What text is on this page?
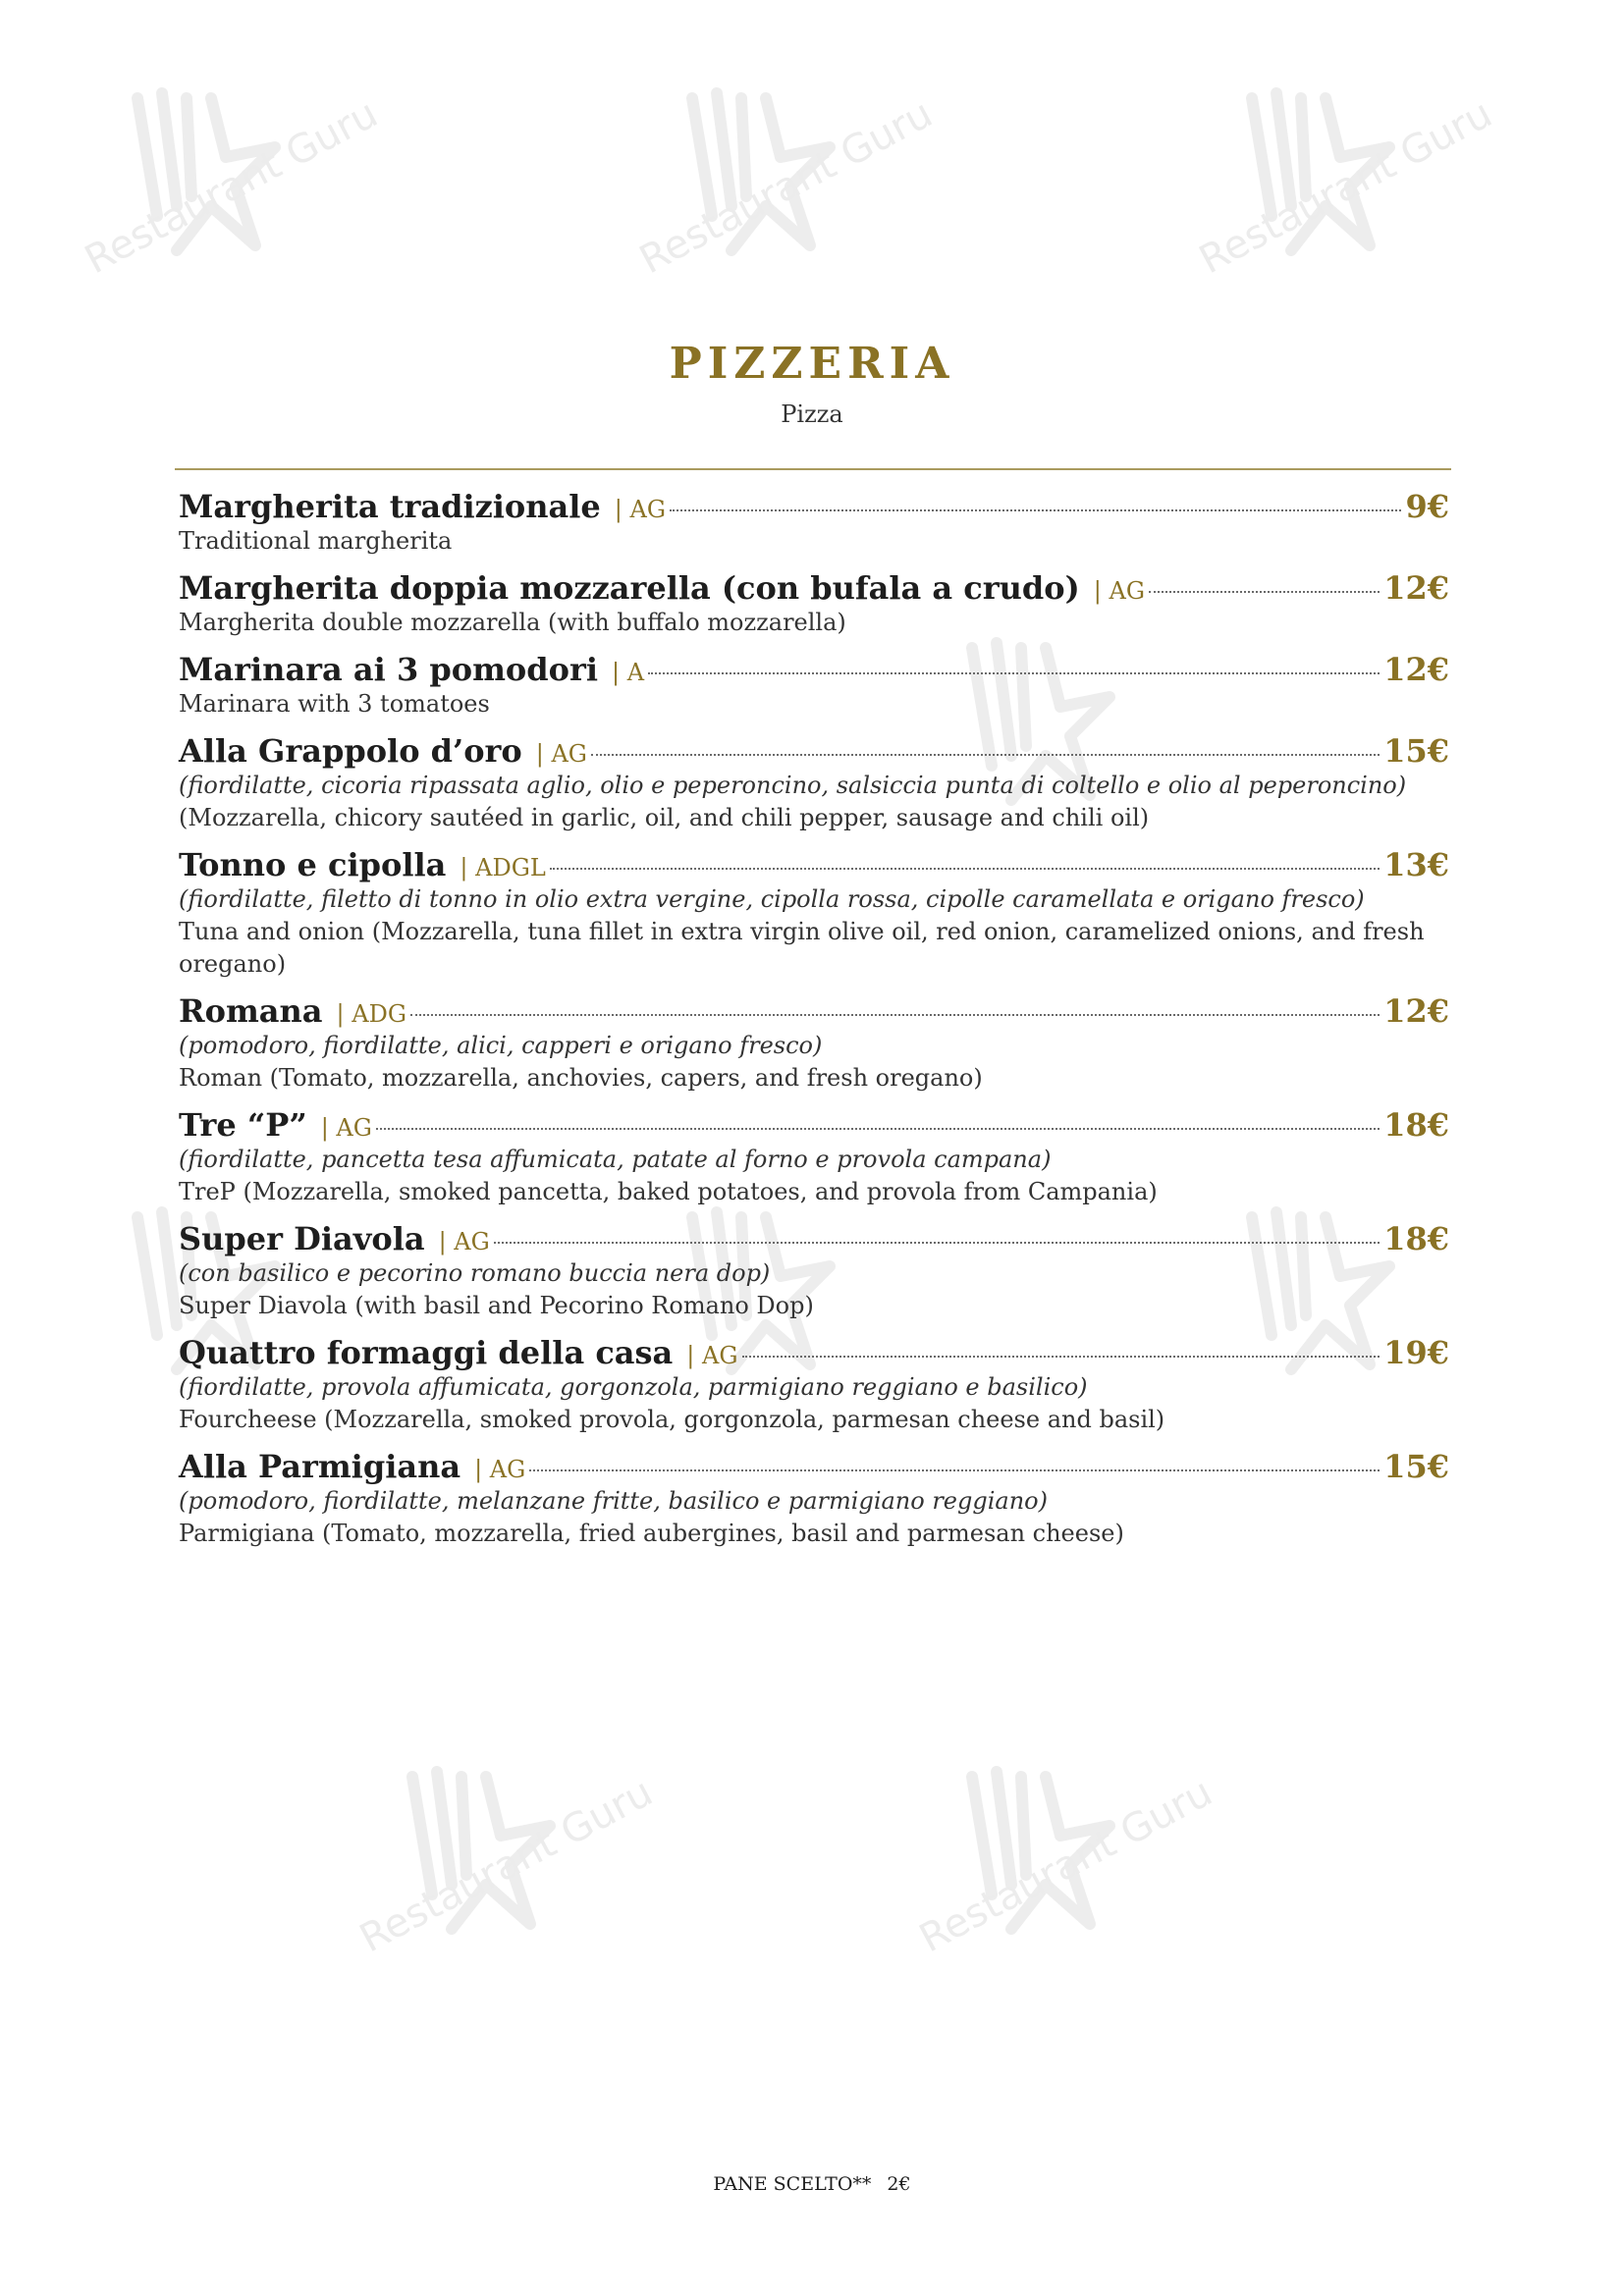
Restaurant Guru	Restaurant Guru	Restaurant Guru
Restaurant Guru	Restaurant Guru
PIZZERIA
Pizza
Margherita tradizionale | AG	9€
Traditional margherita
Margherita doppia mozzarella (con bufala a crudo) | AG	12€
Margherita double mozzarella (with buffalo mozzarella)
Marinara ai 3 pomodori | A	12€
Marinara with 3 tomatoes
Alla Grappolo d’oro | AG	15€
(fiordilatte, cicoria ripassata aglio, olio e peperoncino, salsiccia punta di coltello e olio al peperoncino)
(Mozzarella, chicory sautéed in garlic, oil, and chili pepper, sausage and chili oil)
Tonno e cipolla | ADGL	13€
(fiordilatte, filetto di tonno in olio extra vergine, cipolla rossa, cipolle caramellata e origano fresco)
Tuna and onion (Mozzarella, tuna fillet in extra virgin olive oil, red onion, caramelized onions, and fresh oregano)
Romana | ADG	12€
(pomodoro, fiordilatte, alici, capperi e origano fresco)
Roman (Tomato, mozzarella, anchovies, capers, and fresh oregano)
Tre “P” | AG	18€
(fiordilatte, pancetta tesa affumicata, patate al forno e provola campana)
TreP (Mozzarella, smoked pancetta, baked potatoes, and provola from Campania)
Super Diavola | AG	18€
(con basilico e pecorino romano buccia nera dop)
Super Diavola (with basil and Pecorino Romano Dop)
Quattro formaggi della casa | AG	19€
(fiordilatte, provola affumicata, gorgonzola, parmigiano reggiano e basilico)
Fourcheese (Mozzarella, smoked provola, gorgonzola, parmesan cheese and basil)
Alla Parmigiana | AG	15€
(pomodoro, fiordilatte, melanzane fritte, basilico e parmigiano reggiano)
Parmigiana (Tomato, mozzarella, fried aubergines, basil and parmesan cheese)
PANE SCELTO** 2€
